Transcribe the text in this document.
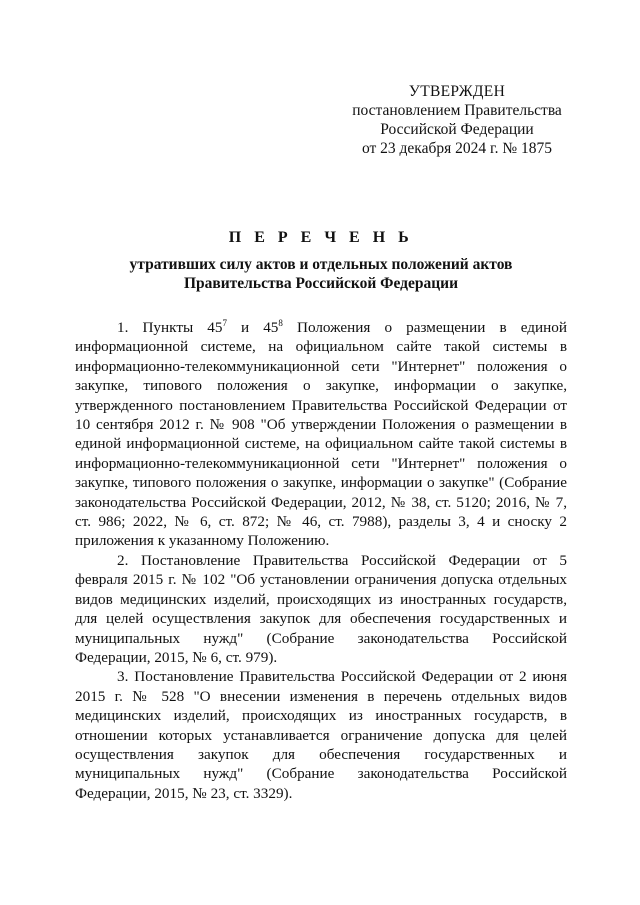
УТВЕРЖДЕН
постановлением Правительства
Российской Федерации
от 23 декабря 2024 г. № 1875
П Е Р Е Ч Е Н Ь
утративших силу актов и отдельных положений актов
Правительства Российской Федерации

1. Пункты $45^7$ и $45^8$ Положения о размещении в единой информационной системе, на официальном сайте такой системы в информационно-телекоммуникационной сети "Интернет" положения о закупке, типового положения о закупке, информации о закупке, утвержденного постановлением Правительства Российской Федерации от 10 сентября 2012 г. № 908 "Об утверждении Положения о размещении в единой информационной системе, на официальном сайте такой системы в информационно-телекоммуникационной сети "Интернет" положения о закупке, типового положения о закупке, информации о закупке" (Собрание законодательства Российской Федерации, 2012, № 38, ст. 5120; 2016, № 7, ст. 986; 2022, № 6, ст. 872; № 46, ст. 7988), разделы 3, 4 и сноску 2 приложения к указанному Положению.

2. Постановление Правительства Российской Федерации от 5 февраля 2015 г. № 102 "Об установлении ограничения допуска отдельных видов медицинских изделий, происходящих из иностранных государств, для целей осуществления закупок для обеспечения государственных и муниципальных нужд" (Собрание законодательства Российской Федерации, 2015, № 6, ст. 979).

3. Постановление Правительства Российской Федерации от 2 июня 2015 г. № 528 "О внесении изменения в перечень отдельных видов медицинских изделий, происходящих из иностранных государств, в отношении которых устанавливается ограничение допуска для целей осуществления закупок для обеспечения государственных и муниципальных нужд" (Собрание законодательства Российской Федерации, 2015, № 23, ст. 3329).
